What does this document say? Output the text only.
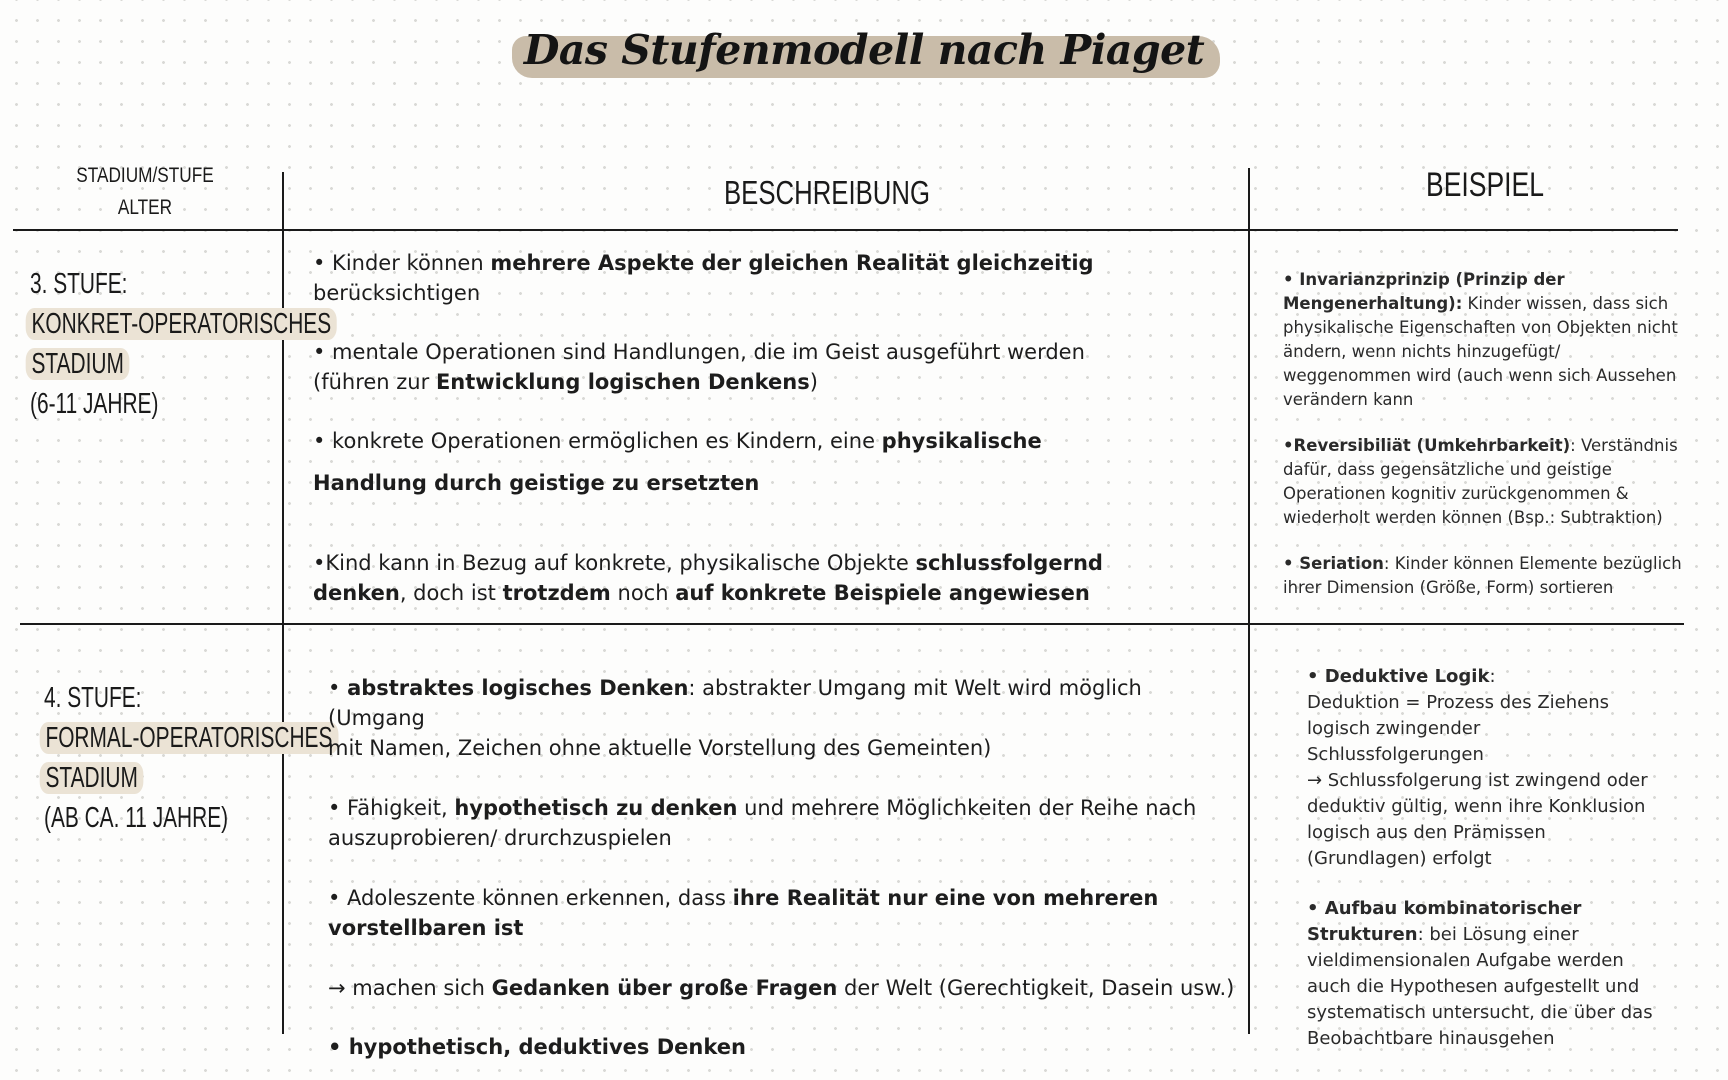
Das Stufenmodell nach Piaget
STADIUM/STUFE
ALTER	BESCHREIBUNG	BEISPIEL
3. STUFE:
KONKRET-OPERATORISCHES
STADIUM
(6-11 JAHRE)

• Kinder können mehrere Aspekte der gleichen Realität gleichzeitig
berücksichtigen

• mentale Operationen sind Handlungen, die im Geist ausgeführt werden
(führen zur Entwicklung logischen Denkens)

• konkrete Operationen ermöglichen es Kindern, eine physikalische
Handlung durch geistige zu ersetzten

•Kind kann in Bezug auf konkrete, physikalische Objekte schlussfolgernd
denken, doch ist trotzdem noch auf konkrete Beispiele angewiesen

• Invarianzprinzip (Prinzip der
Mengenerhaltung): Kinder wissen, dass sich
physikalische Eigenschaften von Objekten nicht
ändern, wenn nichts hinzugefügt/
weggenommen wird (auch wenn sich Aussehen
verändern kann

•Reversibiliät (Umkehrbarkeit): Verständnis
dafür, dass gegensätzliche und geistige
Operationen kognitiv zurückgenommen &
wiederholt werden können (Bsp.: Subtraktion)

• Seriation: Kinder können Elemente bezüglich
ihrer Dimension (Größe, Form) sortieren

4. STUFE:
FORMAL-OPERATORISCHES
STADIUM
(AB CA. 11 JAHRE)

• abstraktes logisches Denken: abstrakter Umgang mit Welt wird möglich (Umgang
mit Namen, Zeichen ohne aktuelle Vorstellung des Gemeinten)

• Fähigkeit, hypothetisch zu denken und mehrere Möglichkeiten der Reihe nach
auszuprobieren/ drurchzuspielen

• Adoleszente können erkennen, dass ihre Realität nur eine von mehreren
vorstellbaren ist

→ machen sich Gedanken über große Fragen der Welt (Gerechtigkeit, Dasein usw.)

• hypothetisch, deduktives Denken

• Deduktive Logik:
Deduktion = Prozess des Ziehens
logisch zwingender
Schlussfolgerungen
→ Schlussfolgerung ist zwingend oder
deduktiv gültig, wenn ihre Konklusion
logisch aus den Prämissen
(Grundlagen) erfolgt

• Aufbau kombinatorischer
Strukturen: bei Lösung einer
vieldimensionalen Aufgabe werden
auch die Hypothesen aufgestellt und
systematisch untersucht, die über das
Beobachtbare hinausgehen
